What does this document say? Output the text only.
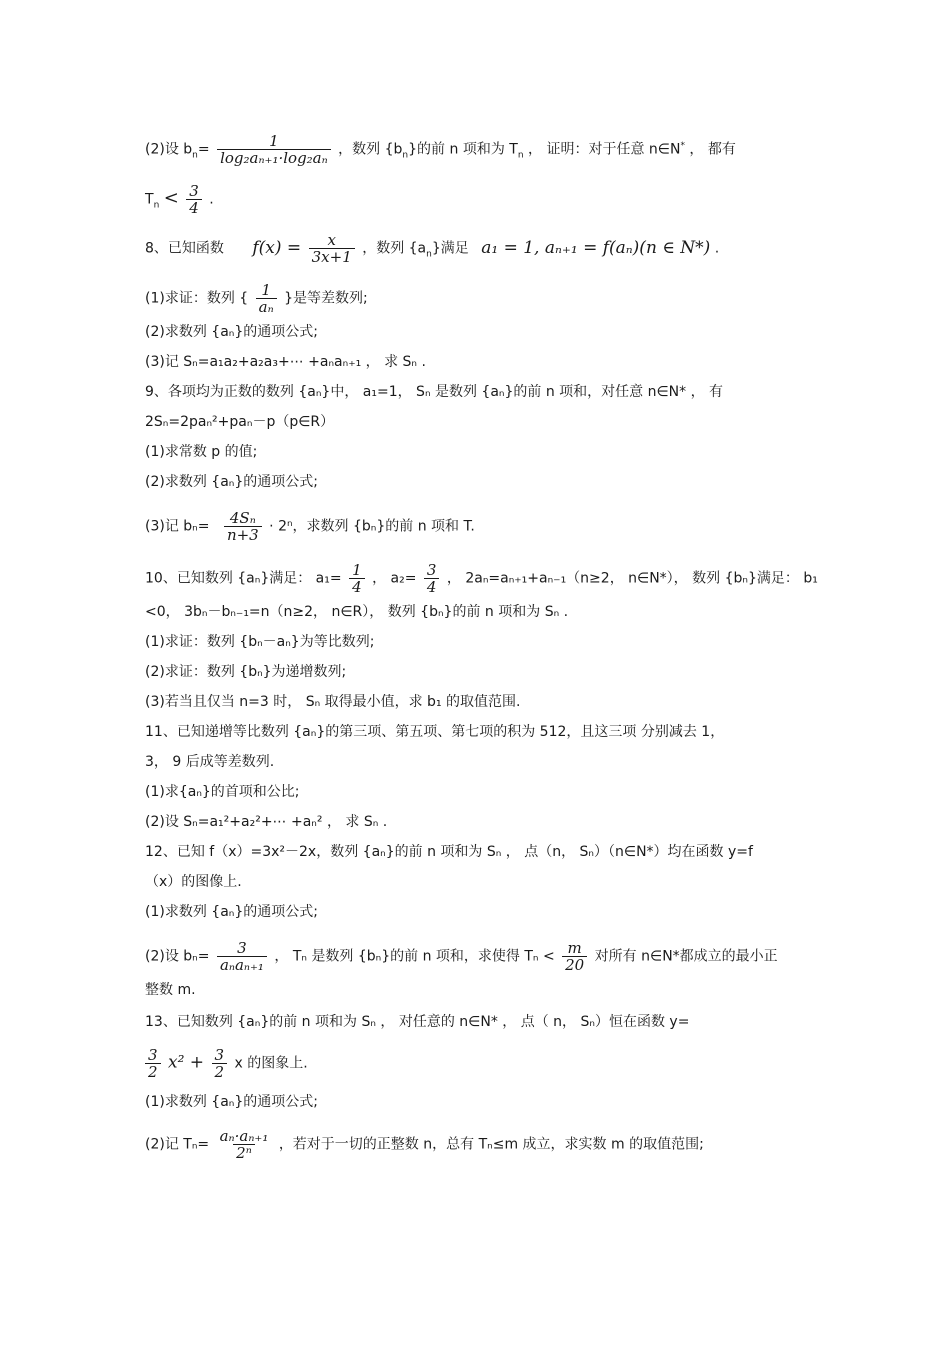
(2)设 $b_n= \frac{1}{\text{log₂aₙ₊₁·log₂aₙ}}$ ，数列 $\{b_n\}$的前 n 项和为 $T_n$ ， 证明：对于任意 n∈N* ， 都有
$T_n < \frac{3}{4}$ .
8、已知函数 $f(x) = \frac{x}{3x+1}$ ，数列 $\{a_n\}$满足 a₁ = 1, aₙ₊₁ = f(aₙ)(n ∈ N*) .
(1)求证：数列 { $\frac{1}{\text{aₙ}}$ }是等差数列;
(2)求数列 {aₙ}的通项公式;
(3)记 Sₙ=a₁a₂+a₂a₃+⋯ +aₙaₙ₊₁ ， 求 Sₙ .
9、各项均为正数的数列 {aₙ}中， a₁=1， Sₙ 是数列 {aₙ}的前 n 项和，对任意 n∈N* ， 有
2Sₙ=2paₙ²+paₙ－p（p∈R）
(1)求常数 p 的值;
(2)求数列 {aₙ}的通项公式;
(3)记 $b_n= \frac{\text{4Sₙ}}{n+3} \cdot 2^n$，求数列 {bₙ}的前 n 项和 T.
10、已知数列 {aₙ}满足： $a_1= \frac{1}{4}$ ， $a_2= \frac{3}{4}$ ， 2aₙ=aₙ₊₁+aₙ₋₁（n≥2， n∈N*）， 数列 {bₙ}满足： b₁
<0， 3bₙ－bₙ₋₁=n（n≥2， n∈R）， 数列 {bₙ}的前 n 项和为 Sₙ .
(1)求证：数列 {bₙ－aₙ}为等比数列;
(2)求证：数列 {bₙ}为递增数列;
(3)若当且仅当 n=3 时， Sₙ 取得最小值，求 b₁ 的取值范围.
11、已知递增等比数列 {aₙ}的第三项、第五项、第七项的积为 512，且这三项 分别减去 1，
3， 9 后成等差数列.
(1)求{aₙ}的首项和公比;
(2)设 Sₙ=a₁²+a₂²+⋯ +aₙ² ， 求 Sₙ .
12、已知 f（x）=3x²－2x，数列 {aₙ}的前 n 项和为 Sₙ ， 点（n， Sₙ）（n∈N*）均在函数 y=f
（x）的图像上.
(1)求数列 {aₙ}的通项公式;
(2)设 $b_n= \frac{3}{\text{aₙaₙ₊₁}}$ ， Tₙ 是数列 {bₙ}的前 n 项和，求使得 $T_n < \frac{m}{20}$ 对所有 n∈N*都成立的最小正
整数 m.
13、已知数列 {aₙ}的前 n 项和为 Sₙ ， 对任意的 n∈N* ， 点（ n， Sₙ）恒在函数 y=
$\frac{3}{2} x^2 + \frac{3}{2}$ x 的图象上.
(1)求数列 {aₙ}的通项公式;
(2)记 $T_n= \frac{\text{aₙ·aₙ₊₁}}{\text{2ⁿ}}$ ，若对于一切的正整数 n，总有 Tₙ≤m 成立，求实数 m 的取值范围;
